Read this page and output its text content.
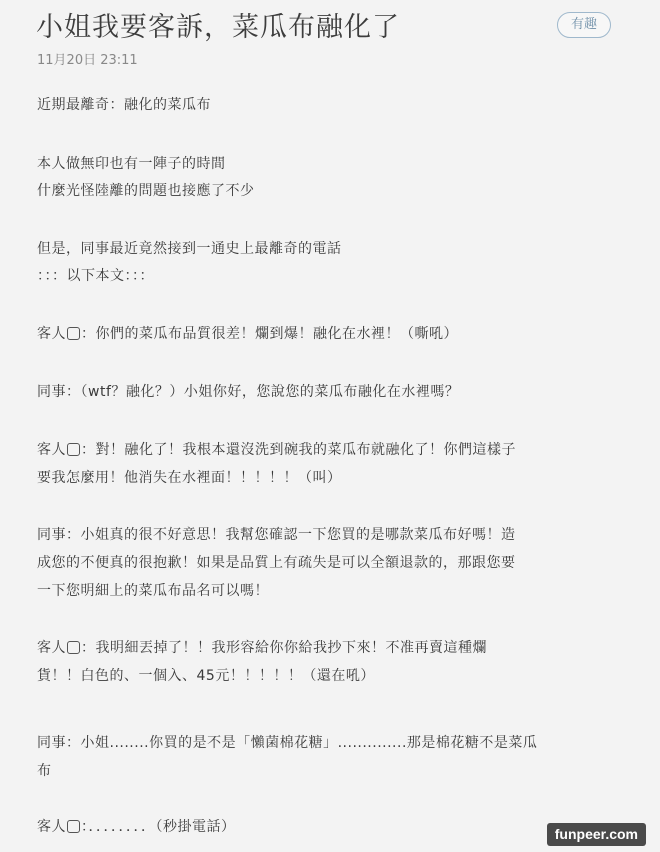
小姐我要客訴，菜瓜布融化了
11月20日 23:11
有趣
近期最離奇：融化的菜瓜布
本人做無印也有一陣子的時間
什麼光怪陸離的問題也接應了不少
但是，同事最近竟然接到一通史上最離奇的電話
：：：以下本文：：：
客人 ：你們的菜瓜布品質很差！爛到爆！融化在水裡！（嘶吼）
同事：（wtf？融化？）小姐你好，您說您的菜瓜布融化在水裡嗎？
客人 ：對！融化了！我根本還沒洗到碗我的菜瓜布就融化了！你們這樣子
要我怎麼用！他消失在水裡面！！！！！（叫）
同事：小姐真的很不好意思！我幫您確認一下您買的是哪款菜瓜布好嗎！造
成您的不便真的很抱歉！如果是品質上有疏失是可以全額退款的，那跟您要
一下您明細上的菜瓜布品名可以嗎！
客人 ：我明細丟掉了！！我形容給你你給我抄下來！不准再賣這種爛
貨！！白色的、一個入、45元！！！！！（還在吼）
同事：小姐........你買的是不是「懶菌棉花糖」..............那是棉花糖不是菜瓜
布
客人 ：．．．．．．．．（秒掛電話）	funpeer.com
